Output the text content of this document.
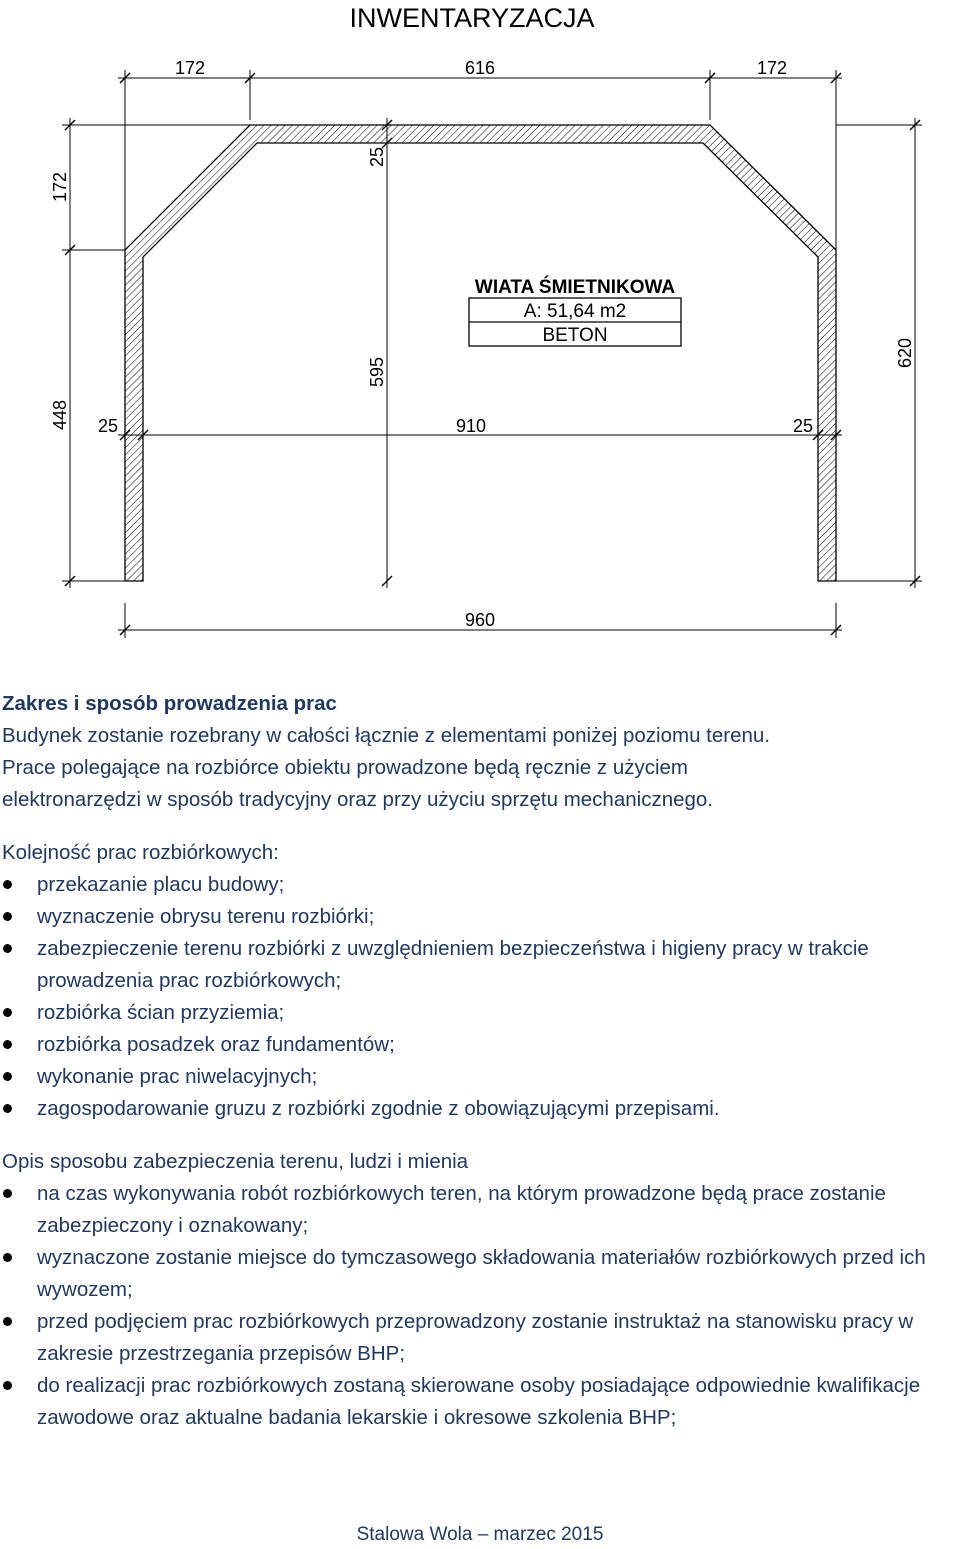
INWENTARYZACJA
172	616	172
172
448
620
25
595
25	910	25
960
WIATA ŚMIETNIKOWA
A: 51,64 m2
BETON

Zakres i sposób prowadzenia prac

Budynek zostanie rozebrany w całości łącznie z elementami poniżej poziomu terenu.

Prace polegające na rozbiórce obiektu prowadzone będą ręcznie z użyciem

elektronarzędzi w sposób tradycyjny oraz przy użyciu sprzętu mechanicznego.

Kolejność prac rozbiórkowych:

przekazanie placu budowy;
wyznaczenie obrysu terenu rozbiórki;
zabezpieczenie terenu rozbiórki z uwzględnieniem bezpieczeństwa i higieny pracy w trakcie prowadzenia prac rozbiórkowych;
rozbiórka ścian przyziemia;
rozbiórka posadzek oraz fundamentów;
wykonanie prac niwelacyjnych;
zagospodarowanie gruzu z rozbiórki zgodnie z obowiązującymi przepisami.

Opis sposobu zabezpieczenia terenu, ludzi i mienia

na czas wykonywania robót rozbiórkowych teren, na którym prowadzone będą prace zostanie zabezpieczony i oznakowany;
wyznaczone zostanie miejsce do tymczasowego składowania materiałów rozbiórkowych przed ich wywozem;
przed podjęciem prac rozbiórkowych przeprowadzony zostanie instruktaż na stanowisku pracy w zakresie przestrzegania przepisów BHP;
do realizacji prac rozbiórkowych zostaną skierowane osoby posiadające odpowiednie kwalifikacje zawodowe oraz aktualne badania lekarskie i okresowe szkolenia BHP;
Stalowa Wola – marzec 2015
